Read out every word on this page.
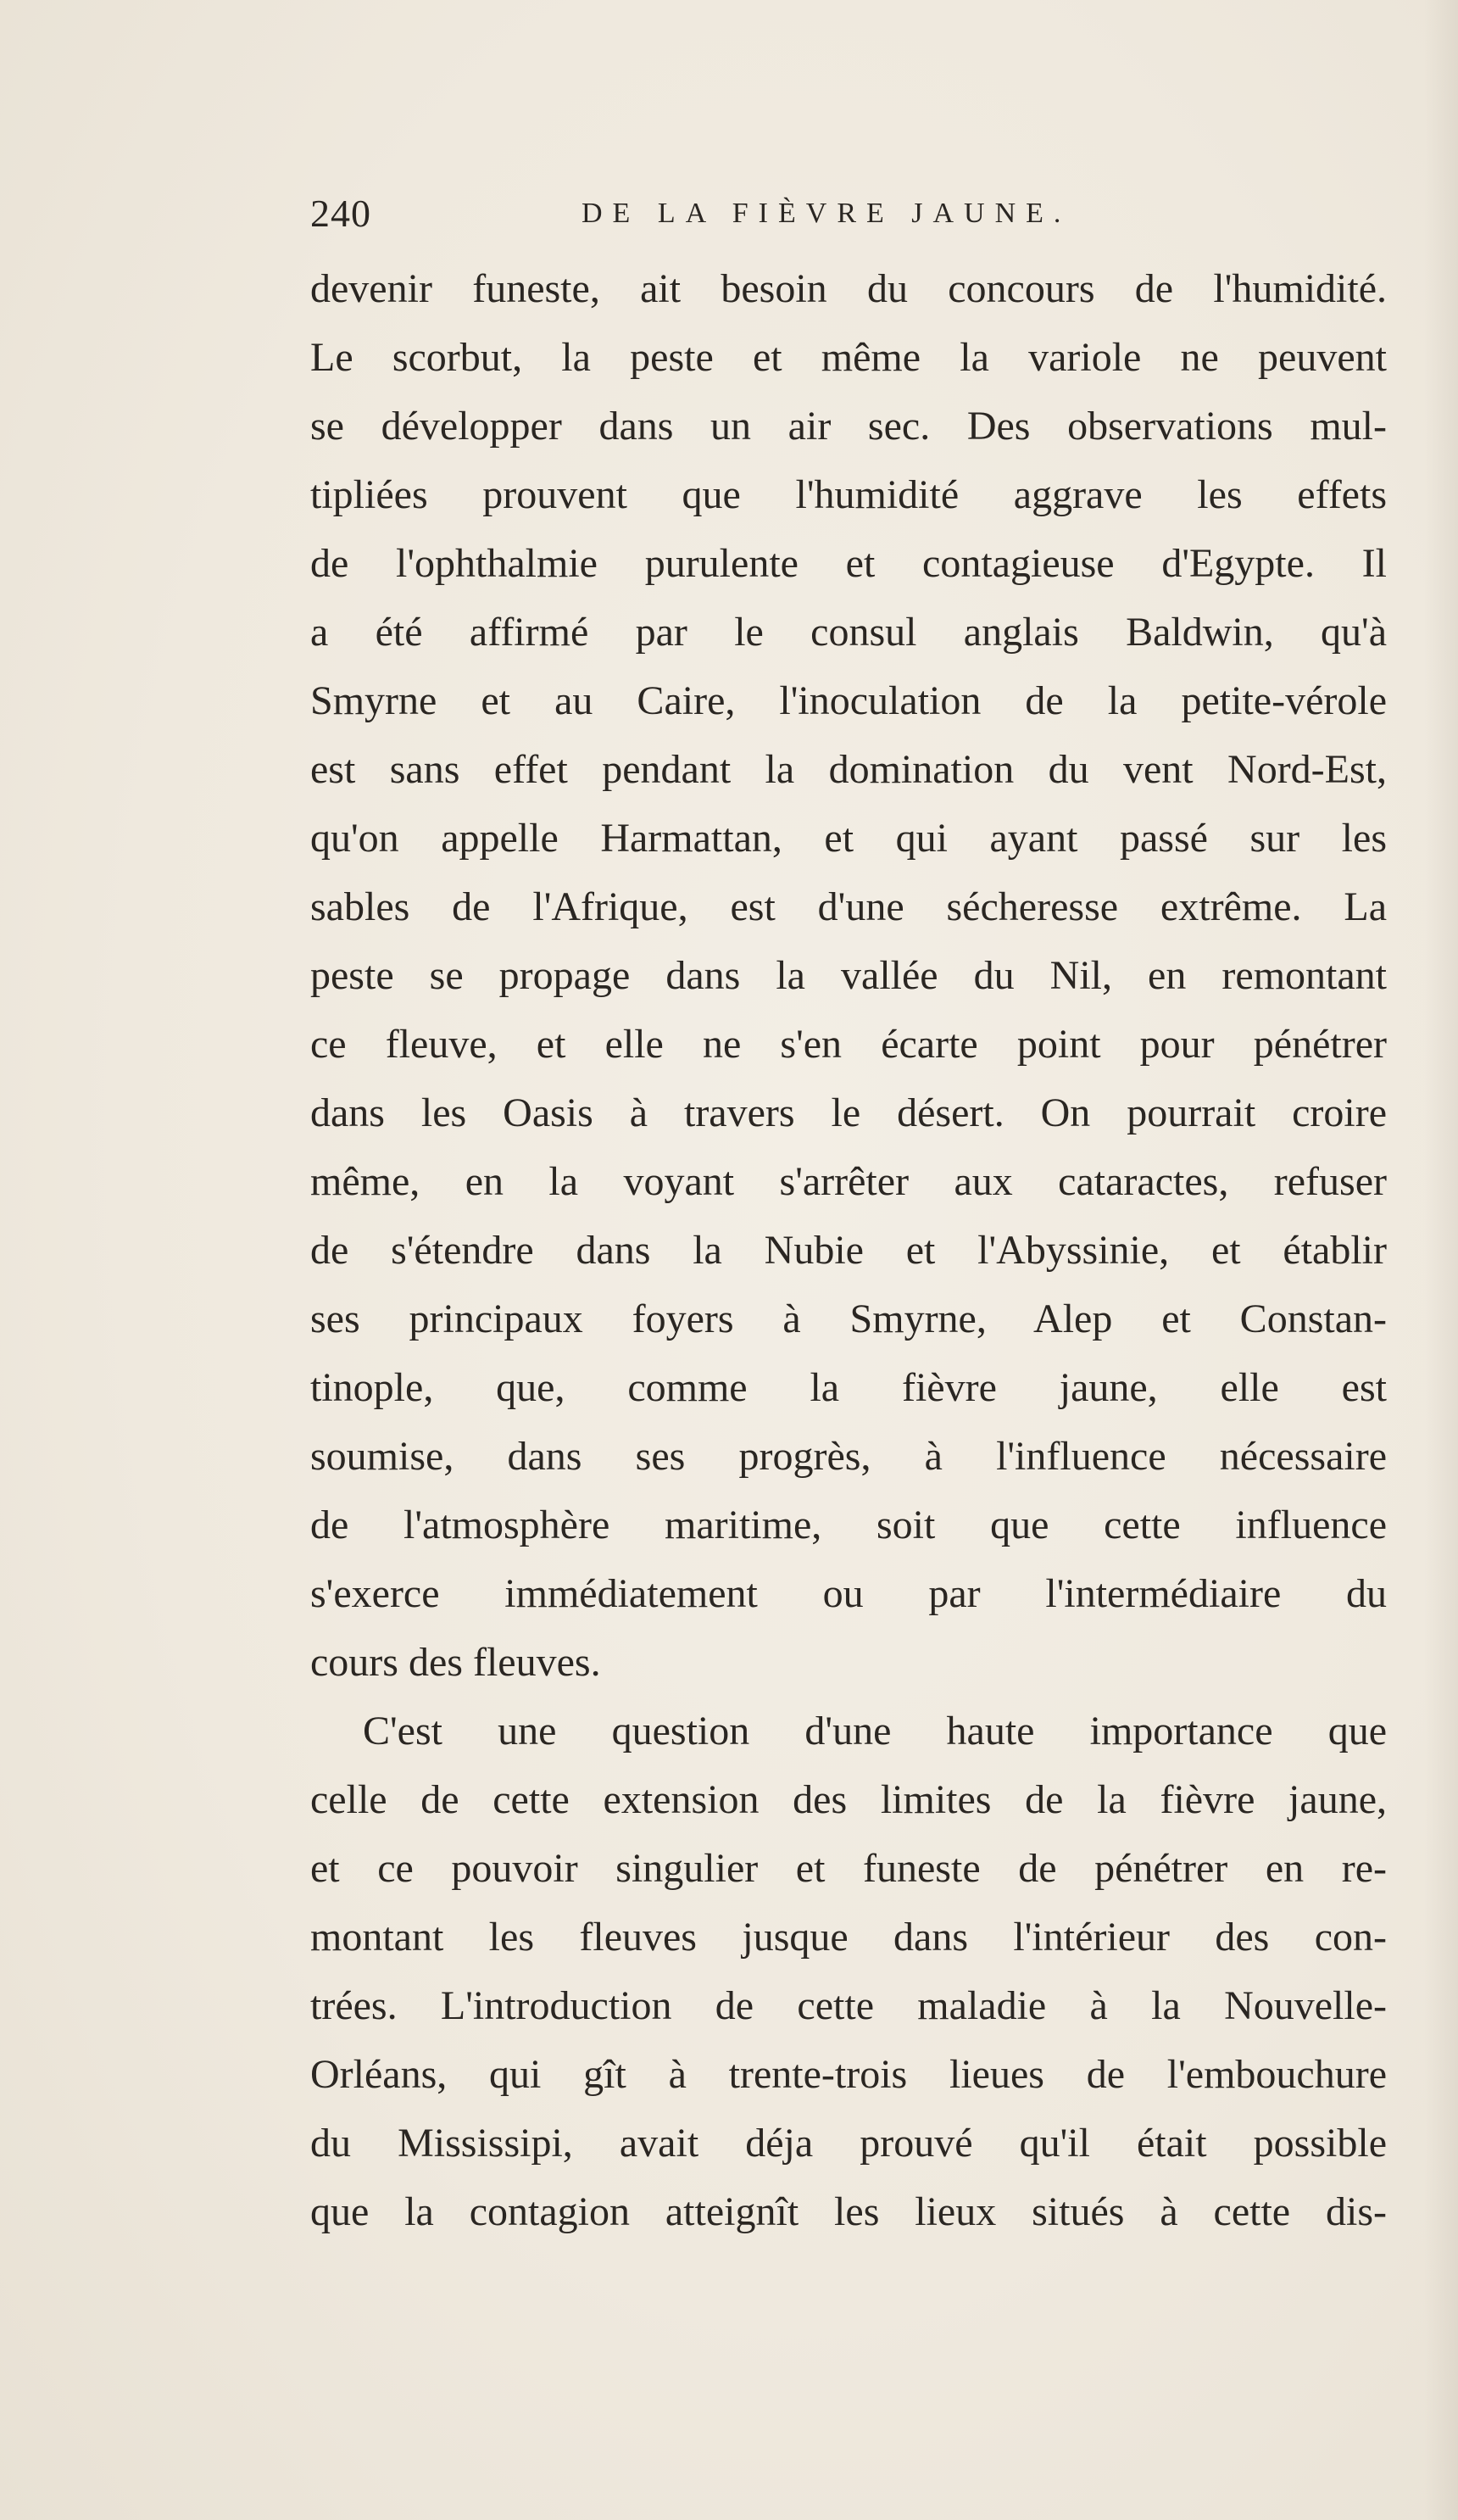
240	DE LA FIÈVRE JAUNE.
devenir funeste, ait besoin du concours de l'humidité.
Le scorbut, la peste et même la variole ne peuvent
se développer dans un air sec. Des observations mul-
tipliées prouvent que l'humidité aggrave les effets
de l'ophthalmie purulente et contagieuse d'Egypte. Il
a été affirmé par le consul anglais Baldwin, qu'à
Smyrne et au Caire, l'inoculation de la petite-vérole
est sans effet pendant la domination du vent Nord-Est,
qu'on appelle Harmattan, et qui ayant passé sur les
sables de l'Afrique, est d'une sécheresse extrême. La
peste se propage dans la vallée du Nil, en remontant
ce fleuve, et elle ne s'en écarte point pour pénétrer
dans les Oasis à travers le désert. On pourrait croire
même, en la voyant s'arrêter aux cataractes, refuser
de s'étendre dans la Nubie et l'Abyssinie, et établir
ses principaux foyers à Smyrne, Alep et Constan-
tinople, que, comme la fièvre jaune, elle est
soumise, dans ses progrès, à l'influence nécessaire
de l'atmosphère maritime, soit que cette influence
s'exerce immédiatement ou par l'intermédiaire du
cours des fleuves.
C'est une question d'une haute importance que
celle de cette extension des limites de la fièvre jaune,
et ce pouvoir singulier et funeste de pénétrer en re-
montant les fleuves jusque dans l'intérieur des con-
trées. L'introduction de cette maladie à la Nouvelle-
Orléans, qui gît à trente-trois lieues de l'embouchure
du Mississipi, avait déja prouvé qu'il était possible
que la contagion atteignît les lieux situés à cette dis-
